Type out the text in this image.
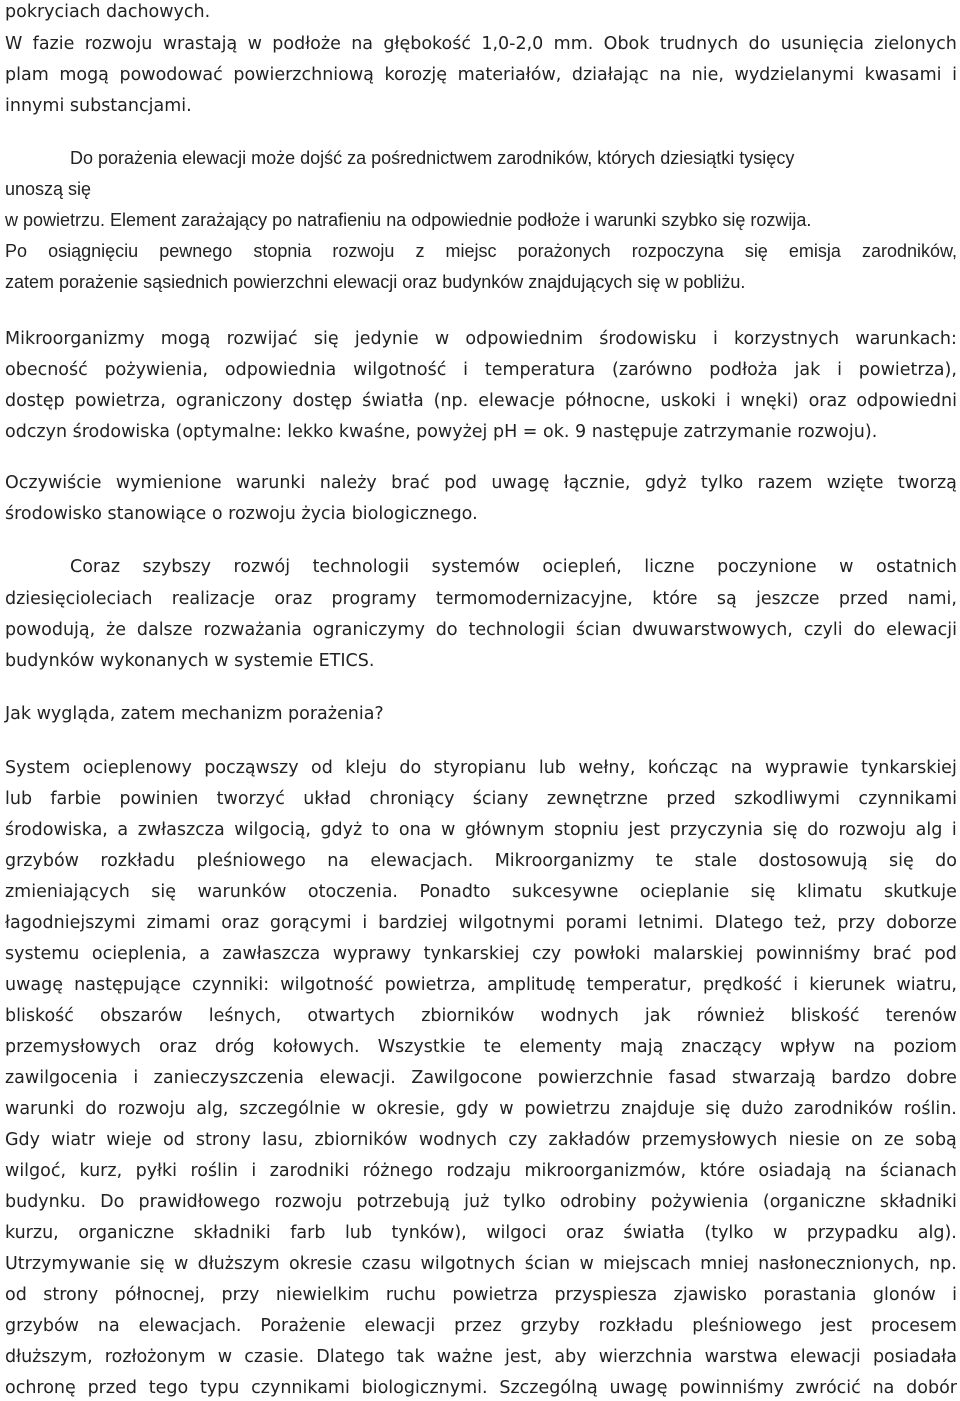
pokryciach dachowych.
W fazie rozwoju wrastają w podłoże na głębokość 1,0-2,0 mm. Obok trudnych do usunięcia zielonych
plam mogą powodować powierzchniową korozję materiałów, działając na nie, wydzielanymi kwasami i
innymi substancjami.
Do porażenia elewacji może dojść za pośrednictwem zarodników, których dziesiątki tysięcy
unoszą się
w powietrzu. Element zarażający po natrafieniu na odpowiednie podłoże i warunki szybko się rozwija.
Po osiągnięciu pewnego stopnia rozwoju z miejsc porażonych rozpoczyna się emisja zarodników,
zatem porażenie sąsiednich powierzchni elewacji oraz budynków znajdujących się w pobliżu.
Mikroorganizmy mogą rozwijać się jedynie w odpowiednim środowisku i korzystnych warunkach:
obecność pożywienia, odpowiednia wilgotność i temperatura (zarówno podłoża jak i powietrza),
dostęp powietrza, ograniczony dostęp światła (np. elewacje północne, uskoki i wnęki) oraz odpowiedni
odczyn środowiska (optymalne: lekko kwaśne, powyżej pH = ok. 9 następuje zatrzymanie rozwoju).
Oczywiście wymienione warunki należy brać pod uwagę łącznie, gdyż tylko razem wzięte tworzą
środowisko stanowiące o rozwoju życia biologicznego.
Coraz szybszy rozwój technologii systemów ociepleń, liczne poczynione w ostatnich
dziesięcioleciach realizacje oraz programy termomodernizacyjne, które są jeszcze przed nami,
powodują, że dalsze rozważania ograniczymy do technologii ścian dwuwarstwowych, czyli do elewacji
budynków wykonanych w systemie ETICS.
Jak wygląda, zatem mechanizm porażenia?
System ocieplenowy począwszy od kleju do styropianu lub wełny, kończąc na wyprawie tynkarskiej
lub farbie powinien tworzyć układ chroniący ściany zewnętrzne przed szkodliwymi czynnikami
środowiska, a zwłaszcza wilgocią, gdyż to ona w głównym stopniu jest przyczynia się do rozwoju alg i
grzybów rozkładu pleśniowego na elewacjach. Mikroorganizmy te stale dostosowują się do
zmieniających się warunków otoczenia. Ponadto sukcesywne ocieplanie się klimatu skutkuje
łagodniejszymi zimami oraz gorącymi i bardziej wilgotnymi porami letnimi. Dlatego też, przy doborze
systemu ocieplenia, a zawłaszcza wyprawy tynkarskiej czy powłoki malarskiej powinniśmy brać pod
uwagę następujące czynniki: wilgotność powietrza, amplitudę temperatur, prędkość i kierunek wiatru,
bliskość obszarów leśnych, otwartych zbiorników wodnych jak również bliskość terenów
przemysłowych oraz dróg kołowych. Wszystkie te elementy mają znaczący wpływ na poziom
zawilgocenia i zanieczyszczenia elewacji. Zawilgocone powierzchnie fasad stwarzają bardzo dobre
warunki do rozwoju alg, szczególnie w okresie, gdy w powietrzu znajduje się dużo zarodników roślin.
Gdy wiatr wieje od strony lasu, zbiorników wodnych czy zakładów przemysłowych niesie on ze sobą
wilgoć, kurz, pyłki roślin i zarodniki różnego rodzaju mikroorganizmów, które osiadają na ścianach
budynku. Do prawidłowego rozwoju potrzebują już tylko odrobiny pożywienia (organiczne składniki
kurzu, organiczne składniki farb lub tynków), wilgoci oraz światła (tylko w przypadku alg).
Utrzymywanie się w dłuższym okresie czasu wilgotnych ścian w miejscach mniej nasłonecznionych, np.
od strony północnej, przy niewielkim ruchu powietrza przyspiesza zjawisko porastania glonów i
grzybów na elewacjach. Porażenie elewacji przez grzyby rozkładu pleśniowego jest procesem
dłuższym, rozłożonym w czasie. Dlatego tak ważne jest, aby wierzchnia warstwa elewacji posiadała
ochronę przed tego typu czynnikami biologicznymi. Szczególną uwagę powinniśmy zwrócić na dobór
